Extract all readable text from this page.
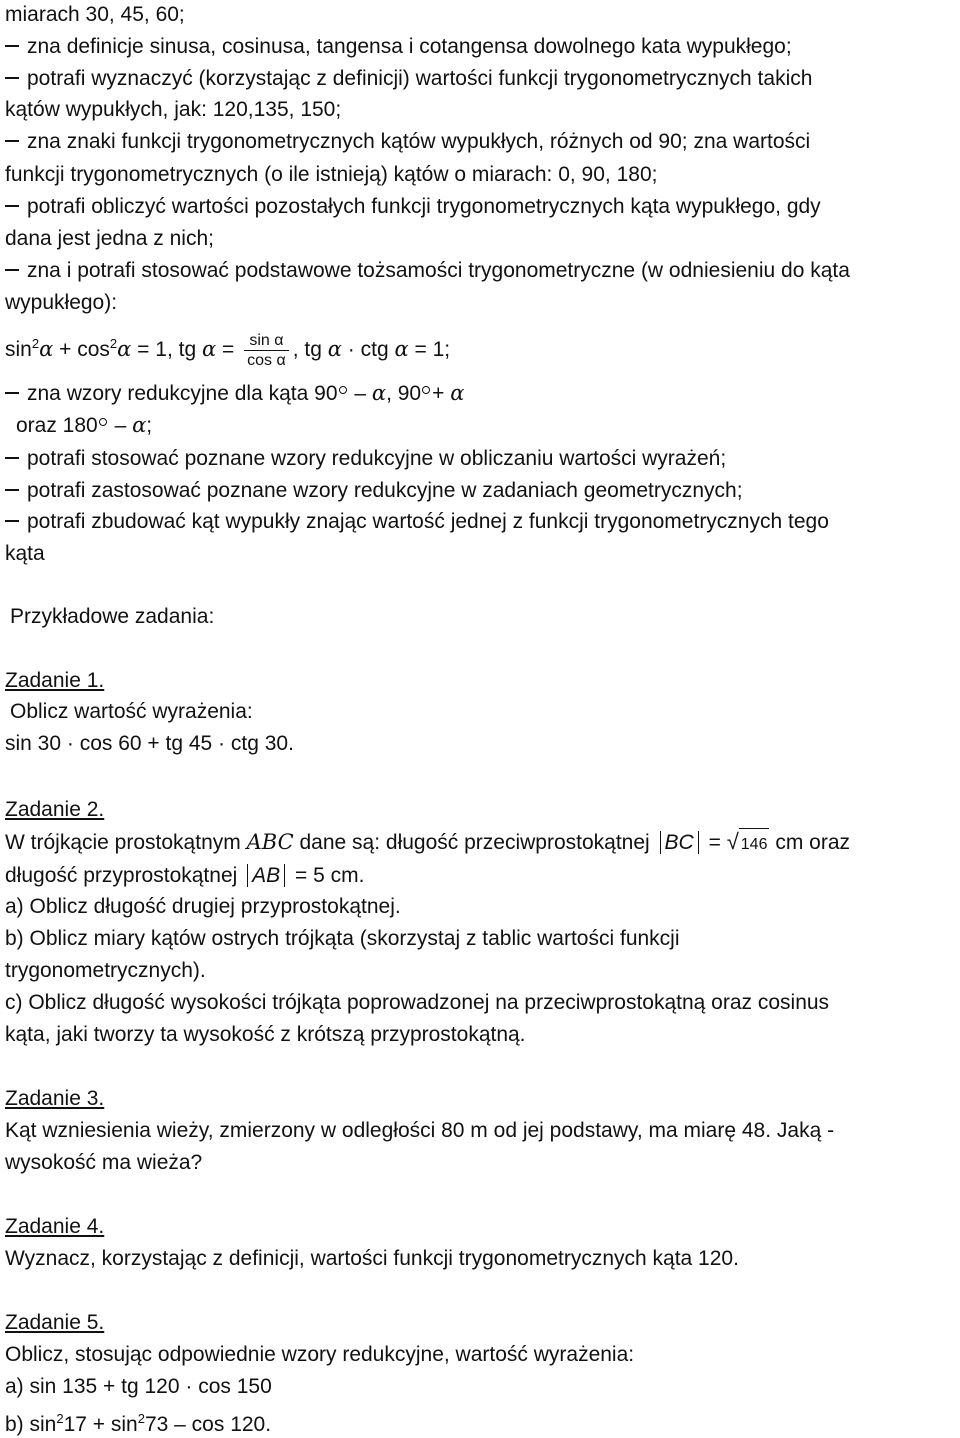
miarach 30, 45, 60;
zna definicje sinusa, cosinusa, tangensa i cotangensa dowolnego kata wypukłego;
potrafi wyznaczyć (korzystając z definicji) wartości funkcji trygonometrycznych takich
kątów wypukłych, jak: 120,135, 150;
zna znaki funkcji trygonometrycznych kątów wypukłych, różnych od 90; zna wartości
funkcji trygonometrycznych (o ile istnieją) kątów o miarach: 0, 90, 180;
potrafi obliczyć wartości pozostałych funkcji trygonometrycznych kąta wypukłego, gdy
dana jest jedna z nich;
zna i potrafi stosować podstawowe tożsamości trygonometryczne (w odniesieniu do kąta
wypukłego):
$\sin^2\alpha + \cos^2\alpha = 1$, tg $\alpha = \frac{\text{sin α}}{\text{cos α}}$ , tg α · ctg α = 1;
zna wzory redukcyjne dla kąta 90 – α, 90 + α
oraz 180 – α;
potrafi stosować poznane wzory redukcyjne w obliczaniu wartości wyrażeń;
potrafi zastosować poznane wzory redukcyjne w zadaniach geometrycznych;
potrafi zbudować kąt wypukły znając wartość jednej z funkcji trygonometrycznych tego
kąta
Przykładowe zadania:
Zadanie 1.
Oblicz wartość wyrażenia:
sin 30 · cos 60 + tg 45 · ctg 30.
Zadanie 2.
W trójkącie prostokątnym ABC dane są: długość przeciwprostokątnej BC = √ 146 cm oraz
długość przyprostokątnej AB = 5 cm.
a) Oblicz długość drugiej przyprostokątnej.
b) Oblicz miary kątów ostrych trójkąta (skorzystaj z tablic wartości funkcji
trygonometrycznych).
c) Oblicz długość wysokości trójkąta poprowadzonej na przeciwprostokątną oraz cosinus
kąta, jaki tworzy ta wysokość z krótszą przyprostokątną.
Zadanie 3.
Kąt wzniesienia wieży, zmierzony w odległości 80 m od jej podstawy, ma miarę 48. Jaką -
wysokość ma wieża?
Zadanie 4.
Wyznacz, korzystając z definicji, wartości funkcji trygonometrycznych kąta 120.
Zadanie 5.
Oblicz, stosując odpowiednie wzory redukcyjne, wartość wyrażenia:
a) sin 135 + tg 120 · cos 150
b) $\sin^217 + \sin^273 - \cos 120$.
